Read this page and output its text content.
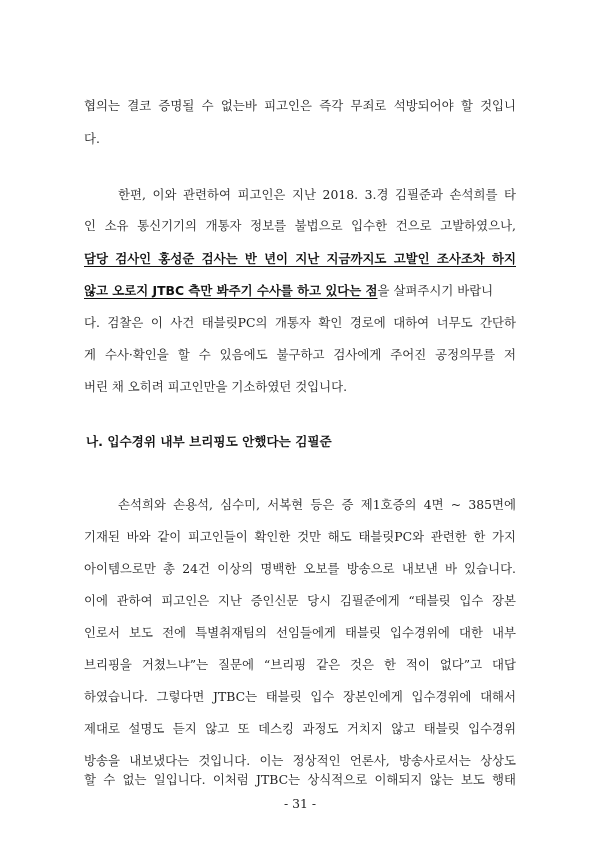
협의는 결코 증명될 수 없는바 피고인은 즉각 무죄로 석방되어야 할 것입니
다.
한편, 이와 관련하여 피고인은 지난 2018. 3.경 김필준과 손석희를 타
인 소유 통신기기의 개통자 정보를 불법으로 입수한 건으로 고발하였으나,
담당 검사인 홍성준 검사는 반 년이 지난 지금까지도 고발인 조사조차 하지
않고 오로지 JTBC 측만 봐주기 수사를 하고 있다는 점을 살펴주시기 바랍니
다. 검찰은 이 사건 태블릿PC의 개통자 확인 경로에 대하여 너무도 간단하
게 수사·확인을 할 수 있음에도 불구하고 검사에게 주어진 공정의무를 저
버린 채 오히려 피고인만을 기소하였던 것입니다.
나. 입수경위 내부 브리핑도 안했다는 김필준
손석희와 손용석, 심수미, 서복현 등은 증 제1호증의 4면 ~ 385면에
기재된 바와 같이 피고인들이 확인한 것만 해도 태블릿PC와 관련한 한 가지
아이템으로만 총 24건 이상의 명백한 오보를 방송으로 내보낸 바 있습니다.
이에 관하여 피고인은 지난 증인신문 당시 김필준에게 “태블릿 입수 장본
인로서 보도 전에 특별취재팀의 선임들에게 태블릿 입수경위에 대한 내부
브리핑을 거쳤느냐”는 질문에 “브리핑 같은 것은 한 적이 없다”고 대답
하였습니다. 그렇다면 JTBC는 태블릿 입수 장본인에게 입수경위에 대해서
제대로 설명도 듣지 않고 또 데스킹 과정도 거치지 않고 태블릿 입수경위
방송을 내보냈다는 것입니다. 이는 정상적인 언론사, 방송사로서는 상상도
할 수 없는 일입니다. 이처럼 JTBC는 상식적으로 이해되지 않는 보도 행태
- 31 -
